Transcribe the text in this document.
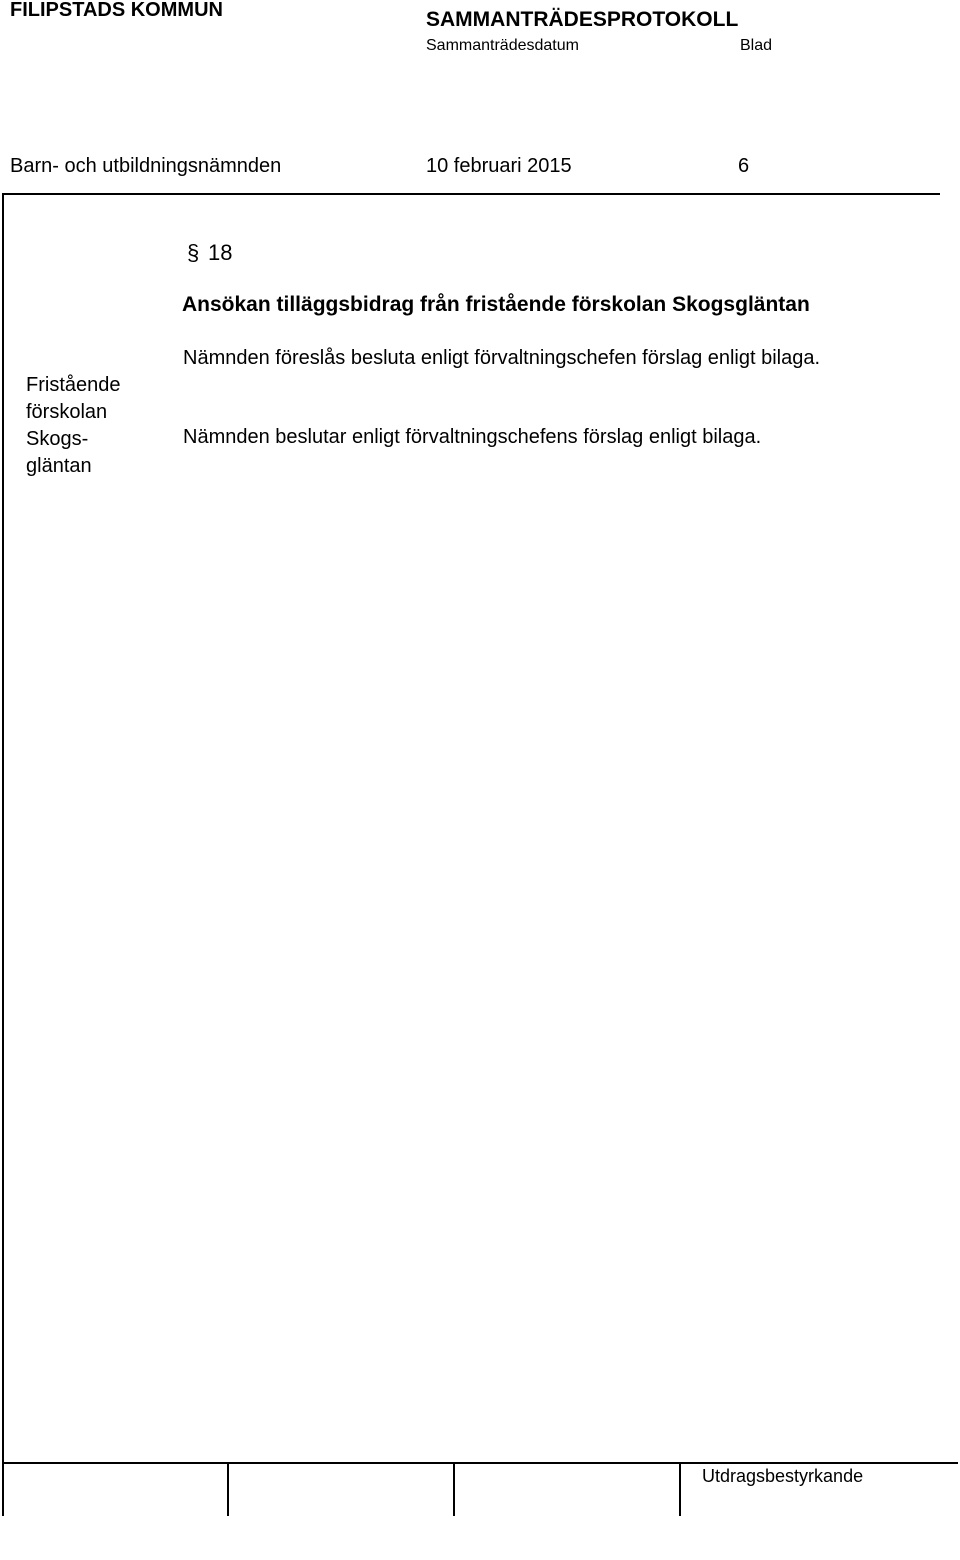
FILIPSTADS KOMMUN	SAMMANTRÄDESPROTOKOLL
Sammanträdesdatum	Blad
Barn- och utbildningsnämnden	10 februari 2015	6
§ 18
Ansökan tilläggsbidrag från fristående förskolan Skogsgläntan
Fristående
förskolan
Skogs-
gläntan
Nämnden föreslås besluta enligt förvaltningschefen förslag enligt bilaga.
Nämnden beslutar enligt förvaltningschefens förslag enligt bilaga.
Utdragsbestyrkande
